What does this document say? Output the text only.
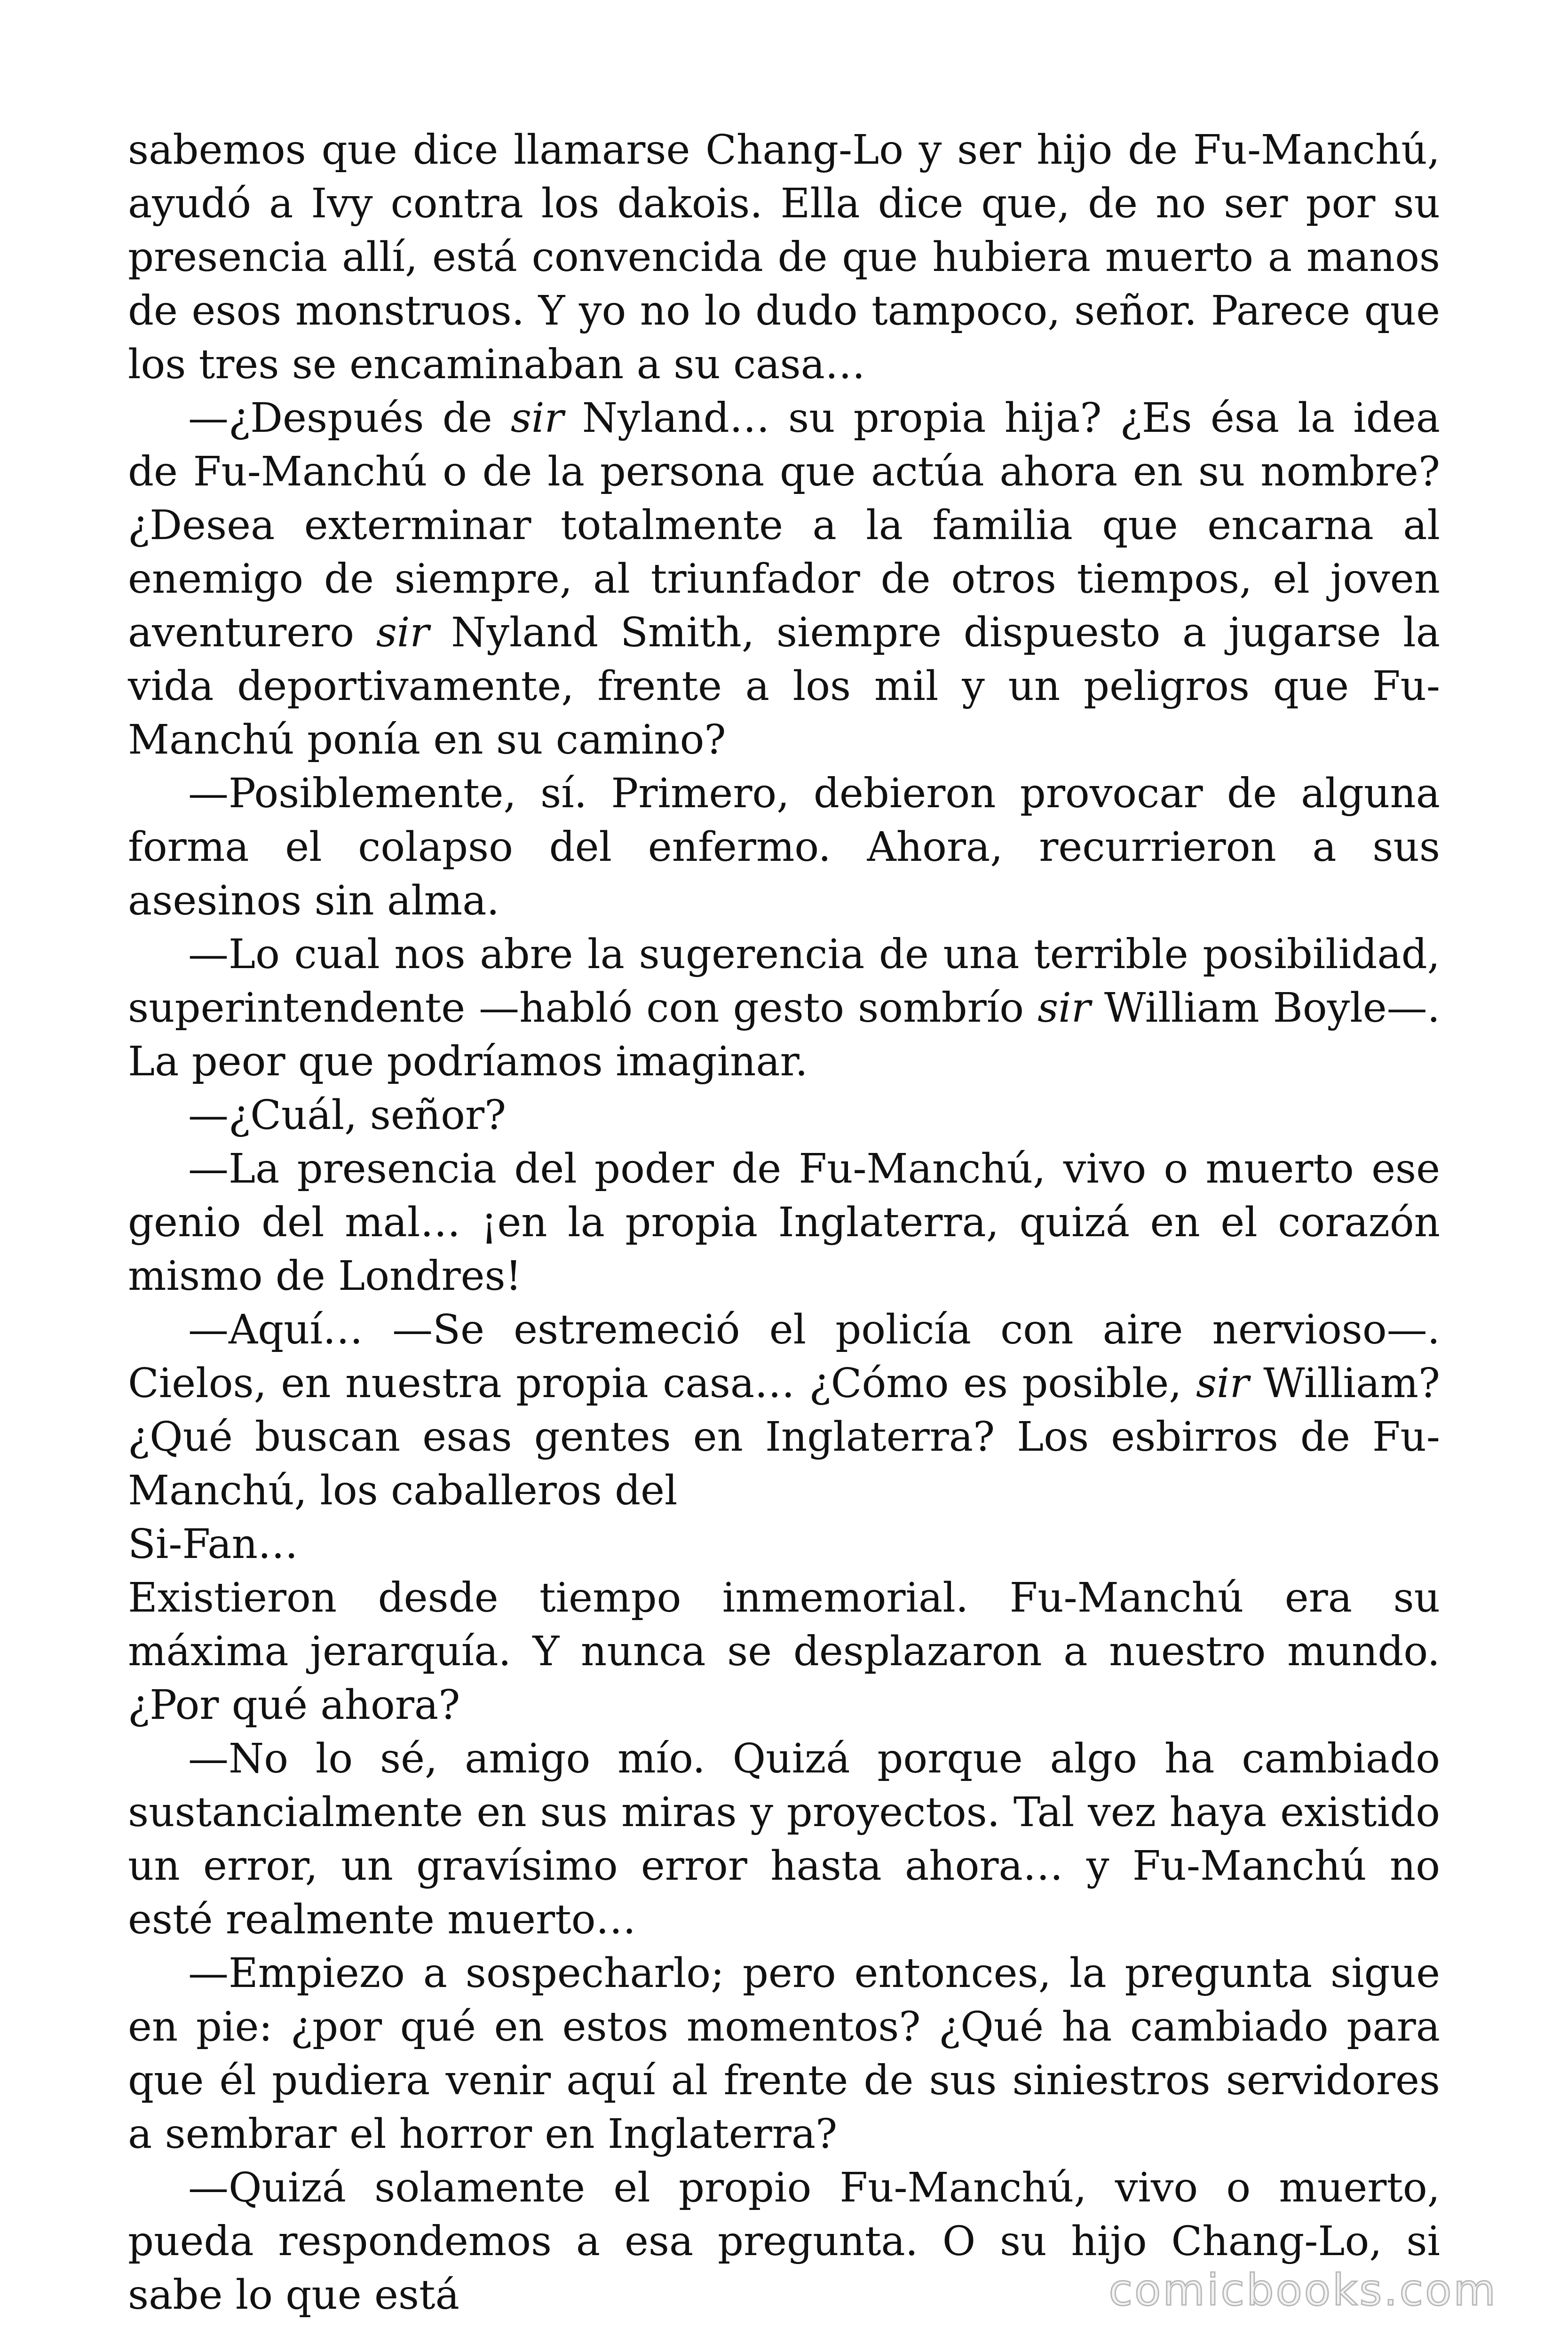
sabemos que dice llamarse Chang-Lo y ser hijo de Fu-Manchú, ayudó a Ivy contra los dakois. Ella dice que, de no ser por su presencia allí, está convencida de que hubiera muerto a manos de esos monstruos. Y yo no lo dudo tampoco, señor. Parece que los tres se encaminaban a su casa…

—¿Después de sir Nyland… su propia hija? ¿Es ésa la idea de Fu-Manchú o de la persona que actúa ahora en su nombre? ¿Desea exterminar totalmente a la familia que encarna al enemigo de siempre, al triunfador de otros tiempos, el joven aventurero sir Nyland Smith, siempre dispuesto a jugarse la vida deportivamente, frente a los mil y un peligros que Fu-Manchú ponía en su camino?

—Posiblemente, sí. Primero, debieron provocar de alguna forma el colapso del enfermo. Ahora, recurrieron a sus asesinos sin alma.

—Lo cual nos abre la sugerencia de una terrible posibilidad, superintendente —habló con gesto sombrío sir William Boyle—. La peor que podríamos imaginar.

—¿Cuál, señor?

—La presencia del poder de Fu-Manchú, vivo o muerto ese genio del mal… ¡en la propia Inglaterra, quizá en el corazón mismo de Londres!

—Aquí… —Se estremeció el policía con aire nervioso—. Cielos, en nuestra propia casa… ¿Cómo es posible, sir William? ¿Qué buscan esas gentes en Inglaterra? Los esbirros de Fu-Manchú, los caballeros del

Si-Fan…

Existieron desde tiempo inmemorial. Fu-Manchú era su máxima jerarquía. Y nunca se desplazaron a nuestro mundo. ¿Por qué ahora?

—No lo sé, amigo mío. Quizá porque algo ha cambiado sustancialmente en sus miras y proyectos. Tal vez haya existido un error, un gravísimo error hasta ahora… y Fu-Manchú no esté realmente muerto…

—Empiezo a sospecharlo; pero entonces, la pregunta sigue en pie: ¿por qué en estos momentos? ¿Qué ha cambiado para que él pudiera venir aquí al frente de sus siniestros servidores a sembrar el horror en Inglaterra?

—Quizá solamente el propio Fu-Manchú, vivo o muerto, pueda respondemos a esa pregunta. O su hijo Chang-Lo, si sabe lo que está	comicbooks.com
